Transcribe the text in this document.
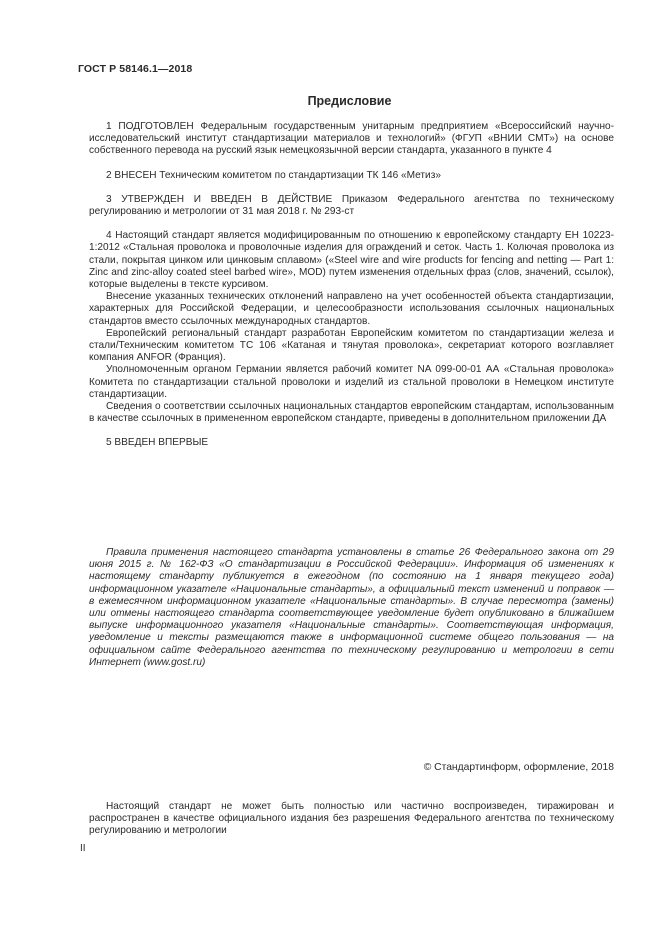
ГОСТ Р 58146.1—2018
Предисловие

1 ПОДГОТОВЛЕН Федеральным государственным унитарным предприятием «Всероссийский научно-исследовательский институт стандартизации материалов и технологий» (ФГУП «ВНИИ СМТ») на основе собственного перевода на русский язык немецкоязычной версии стандарта, указанного в пункте 4

2 ВНЕСЕН Техническим комитетом по стандартизации ТК 146 «Метиз»

3 УТВЕРЖДЕН И ВВЕДЕН В ДЕЙСТВИЕ Приказом Федерального агентства по техническому регулированию и метрологии от 31 мая 2018 г. № 293-ст

4 Настоящий стандарт является модифицированным по отношению к европейскому стандарту ЕН 10223-1:2012 «Стальная проволока и проволочные изделия для ограждений и сеток. Часть 1. Колючая проволока из стали, покрытая цинком или цинковым сплавом» («Steel wire and wire products for fencing and netting — Part 1: Zinc and zinc-alloy coated steel barbed wire», MOD) путем изменения отдельных фраз (слов, значений, ссылок), которые выделены в тексте курсивом.

Внесение указанных технических отклонений направлено на учет особенностей объекта стандартизации, характерных для Российской Федерации, и целесообразности использования ссылочных национальных стандартов вместо ссылочных международных стандартов.

Европейский региональный стандарт разработан Европейским комитетом по стандартизации железа и стали/Техническим комитетом ТС 106 «Катаная и тянутая проволока», секретариат которого возглавляет компания ANFOR (Франция).

Уполномоченным органом Германии является рабочий комитет NA 099-00-01 АА «Стальная проволока» Комитета по стандартизации стальной проволоки и изделий из стальной проволоки в Немецком институте стандартизации.

Сведения о соответствии ссылочных национальных стандартов европейским стандартам, использованным в качестве ссылочных в примененном европейском стандарте, приведены в дополнительном приложении ДА

5 ВВЕДЕН ВПЕРВЫЕ

Правила применения настоящего стандарта установлены в статье 26 Федерального закона от 29 июня 2015 г. № 162-ФЗ «О стандартизации в Российской Федерации». Информация об изменениях к настоящему стандарту публикуется в ежегодном (по состоянию на 1 января текущего года) информационном указателе «Национальные стандарты», а официальный текст изменений и поправок — в ежемесячном информационном указателе «Национальные стандарты». В случае пересмотра (замены) или отмены настоящего стандарта соответствующее уведомление будет опубликовано в ближайшем выпуске информационного указателя «Национальные стандарты». Соответствующая информация, уведомление и тексты размещаются также в информационной системе общего пользования — на официальном сайте Федерального агентства по техническому регулированию и метрологии в сети Интернет (www.gost.ru)

© Стандартинформ, оформление, 2018

Настоящий стандарт не может быть полностью или частично воспроизведен, тиражирован и распространен в качестве официального издания без разрешения Федерального агентства по техническому регулированию и метрологии

II
